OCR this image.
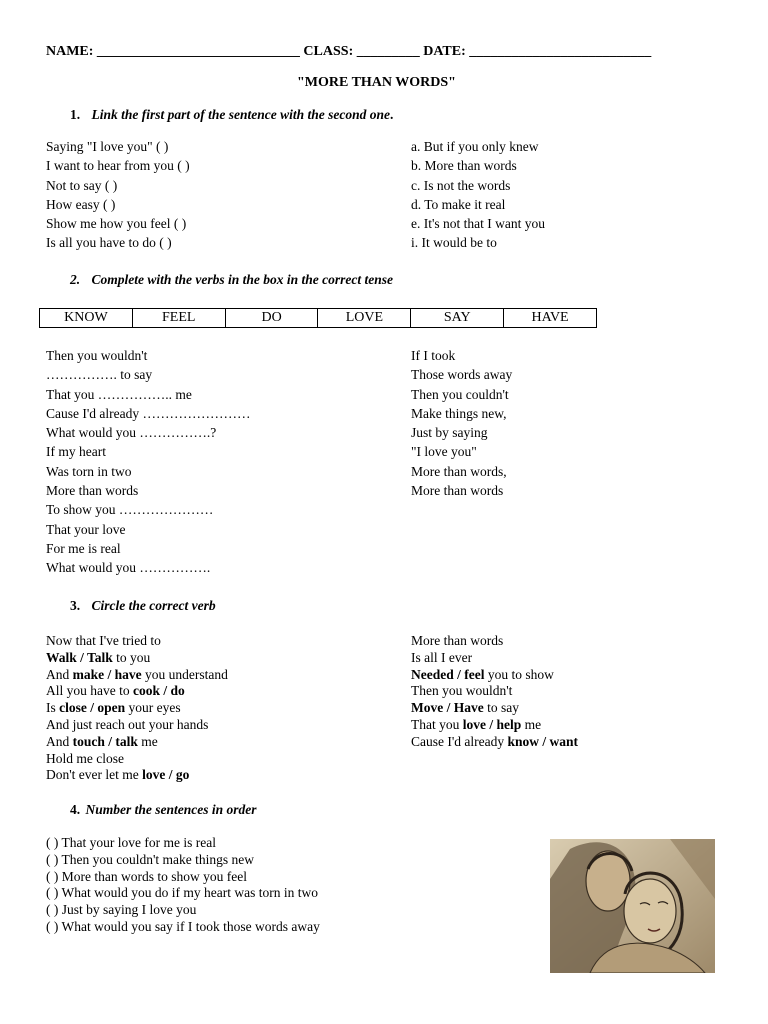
NAME: _____________________________ CLASS: _________ DATE: __________________________
"MORE THAN WORDS"
1. Link the first part of the sentence with the second one.
Saying "I love you" ( )
I want to hear from you ( )
Not to say ( )
How easy ( )
Show me how you feel ( )
Is all you have to do ( )
a. But if you only knew
b. More than words
c. Is not the words
d. To make it real
e. It's not that I want you
i. It would be to
2. Complete with the verbs in the box in the correct tense
KNOW	FEEL	DO	LOVE	SAY	HAVE
Then you wouldn't
……………. to say
That you …………….. me
Cause I'd already ……………………
What would you …………….?
If my heart
Was torn in two
More than words
To show you …………………
That your love
For me is real
What would you …………….
If I took
Those words away
Then you couldn't
Make things new,
Just by saying
"I love you"
More than words,
More than words
3. Circle the correct verb
Now that I've tried to
Walk / Talk to you
And make / have you understand
All you have to cook / do
Is close / open your eyes
And just reach out your hands
And touch / talk me
Hold me close
Don't ever let me love / go
More than words
Is all I ever
Needed / feel you to show
Then you wouldn't
Move / Have to say
That you love / help me
Cause I'd already know / want
4. Number the sentences in order
( ) That your love for me is real
( ) Then you couldn't make things new
( ) More than words to show you feel
( ) What would you do if my heart was torn in two
( ) Just by saying I love you
( ) What would you say if I took those words away
